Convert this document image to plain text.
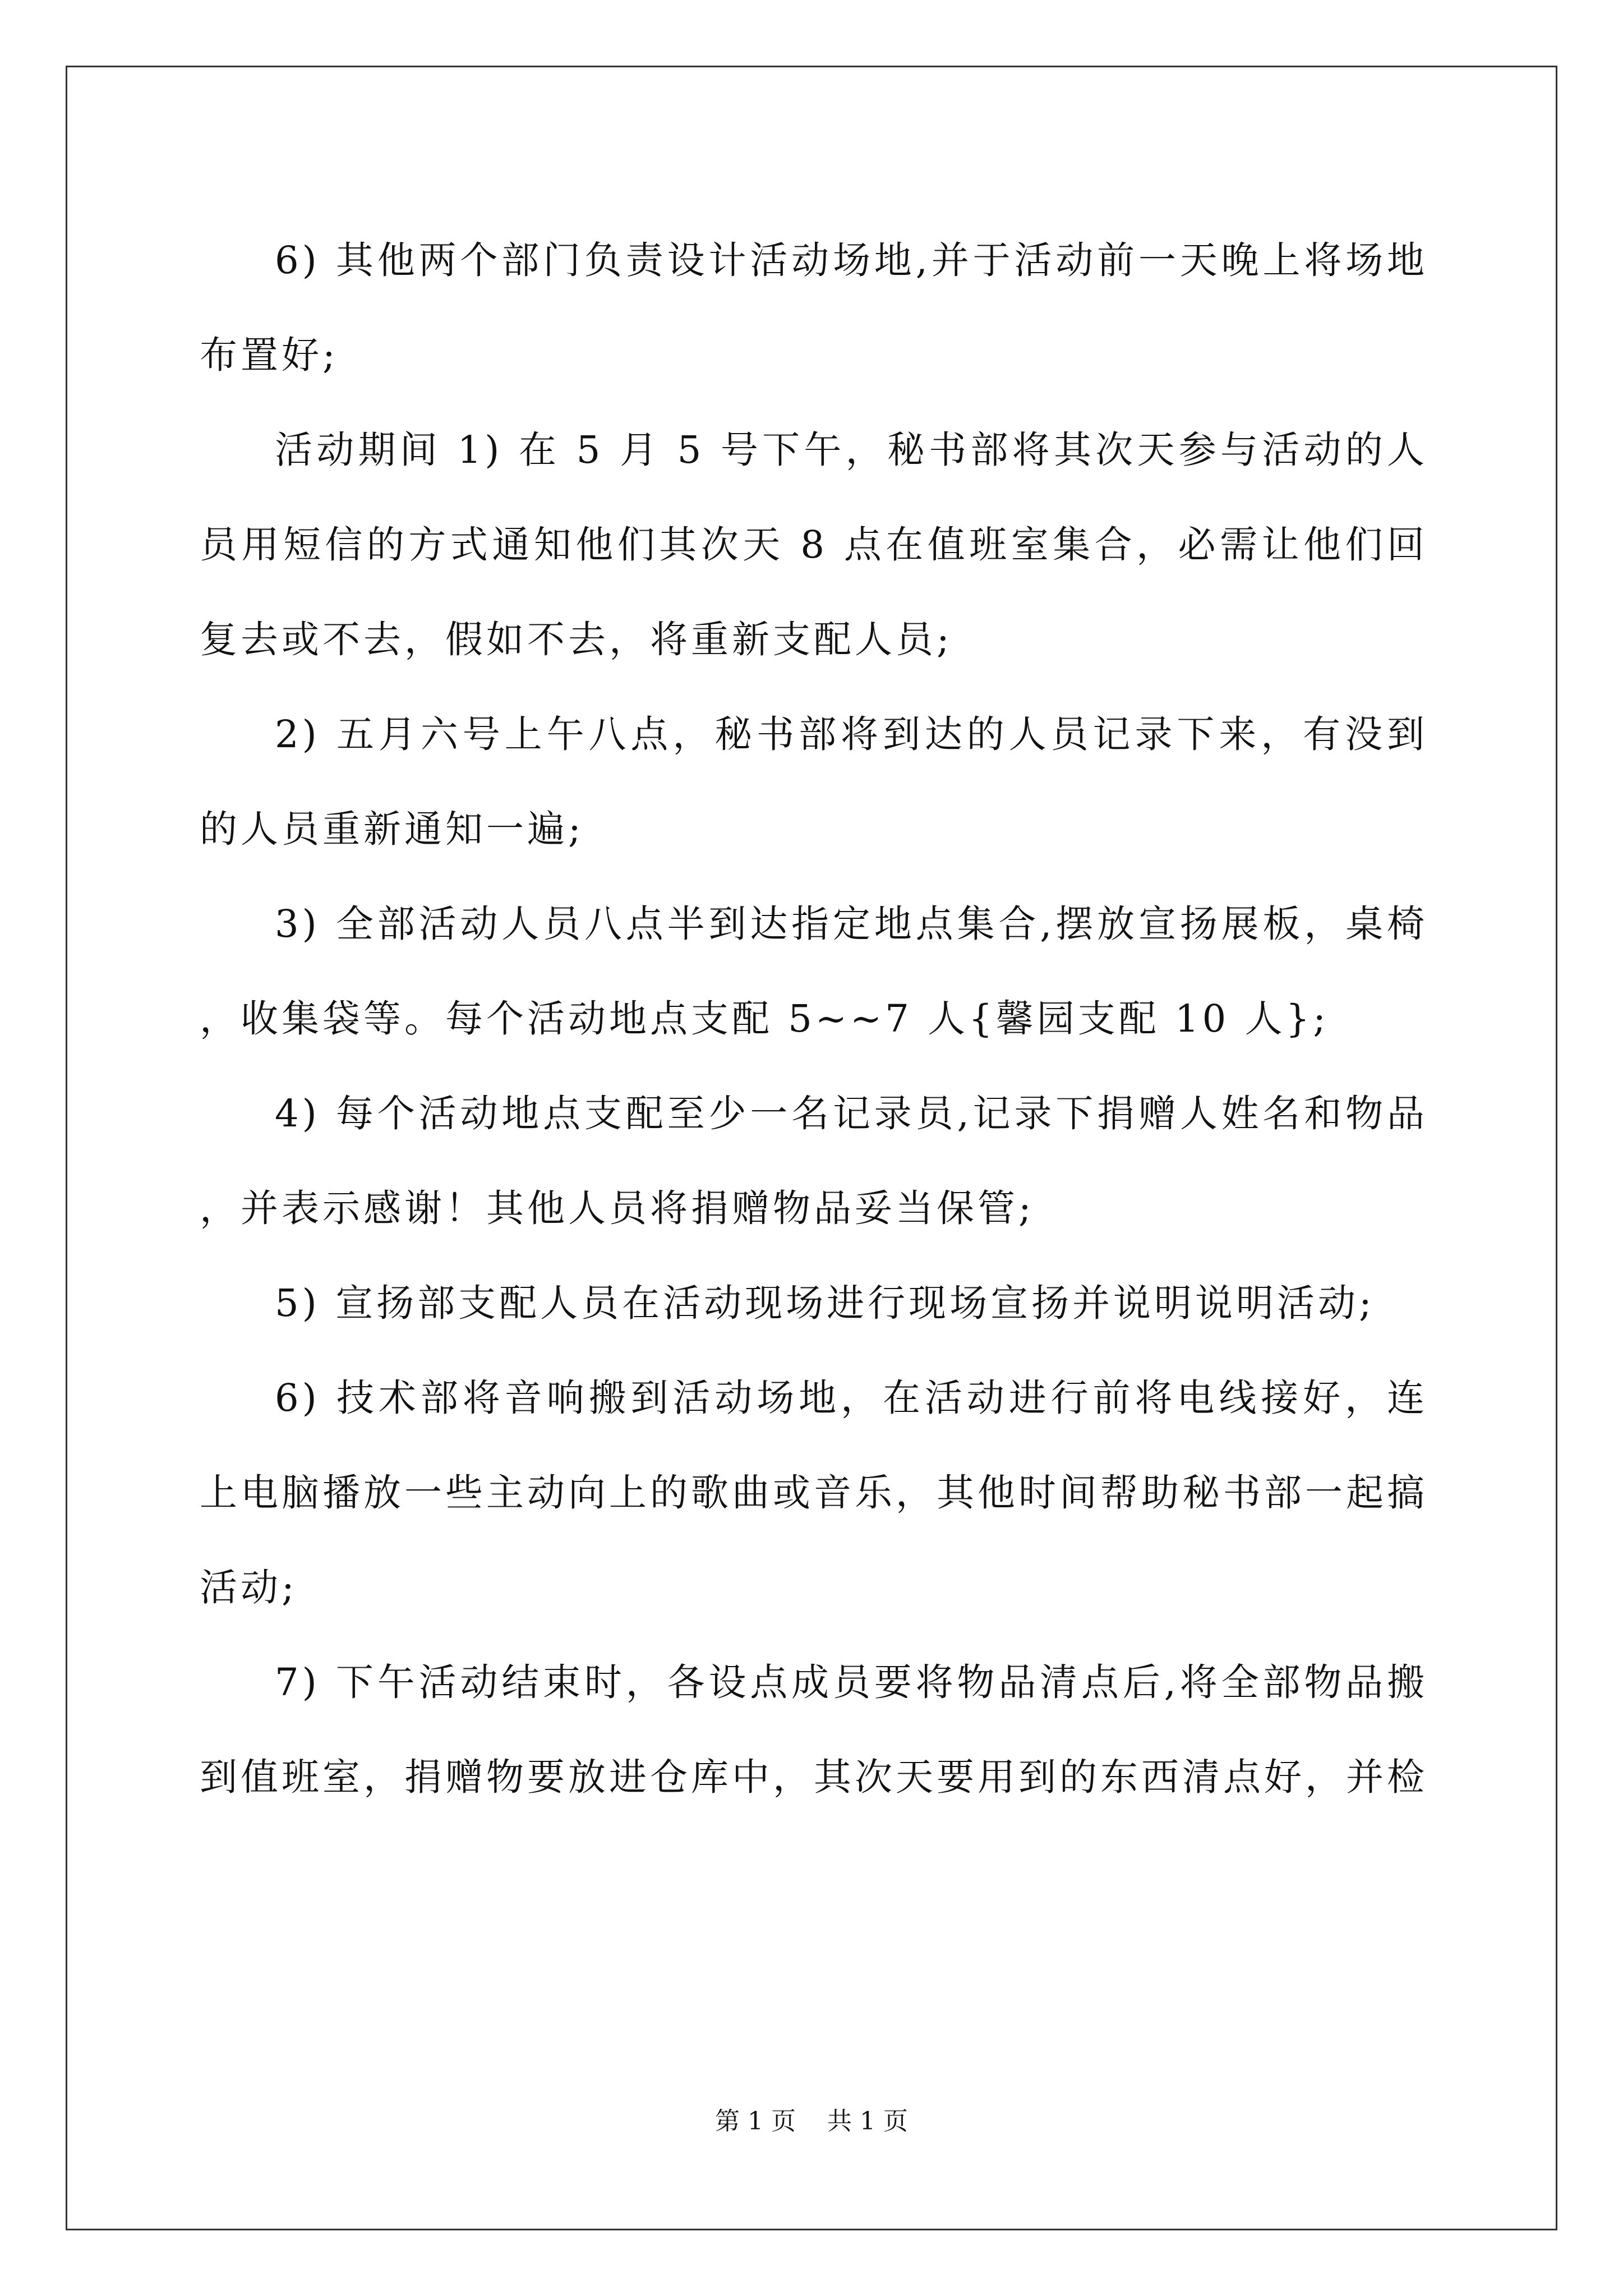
6) 其他两个部门负责设计活动场地,并于活动前一天晚上将场地布置好;

活动期间 1) 在 5 月 5 号下午，秘书部将其次天参与活动的人员用短信的方式通知他们其次天 8 点在值班室集合，必需让他们回复去或不去，假如不去，将重新支配人员;

2) 五月六号上午八点，秘书部将到达的人员记录下来，有没到的人员重新通知一遍;

3) 全部活动人员八点半到达指定地点集合,摆放宣扬展板，桌椅，收集袋等。每个活动地点支配 5~~7 人{馨园支配 10 人};

4) 每个活动地点支配至少一名记录员,记录下捐赠人姓名和物品，并表示感谢！其他人员将捐赠物品妥当保管;

5) 宣扬部支配人员在活动现场进行现场宣扬并说明说明活动;

6) 技术部将音响搬到活动场地，在活动进行前将电线接好，连上电脑播放一些主动向上的歌曲或音乐，其他时间帮助秘书部一起搞活动;

7) 下午活动结束时，各设点成员要将物品清点后,将全部物品搬到值班室，捐赠物要放进仓库中，其次天要用到的东西清点好，并检

第 1 页    共 1 页
